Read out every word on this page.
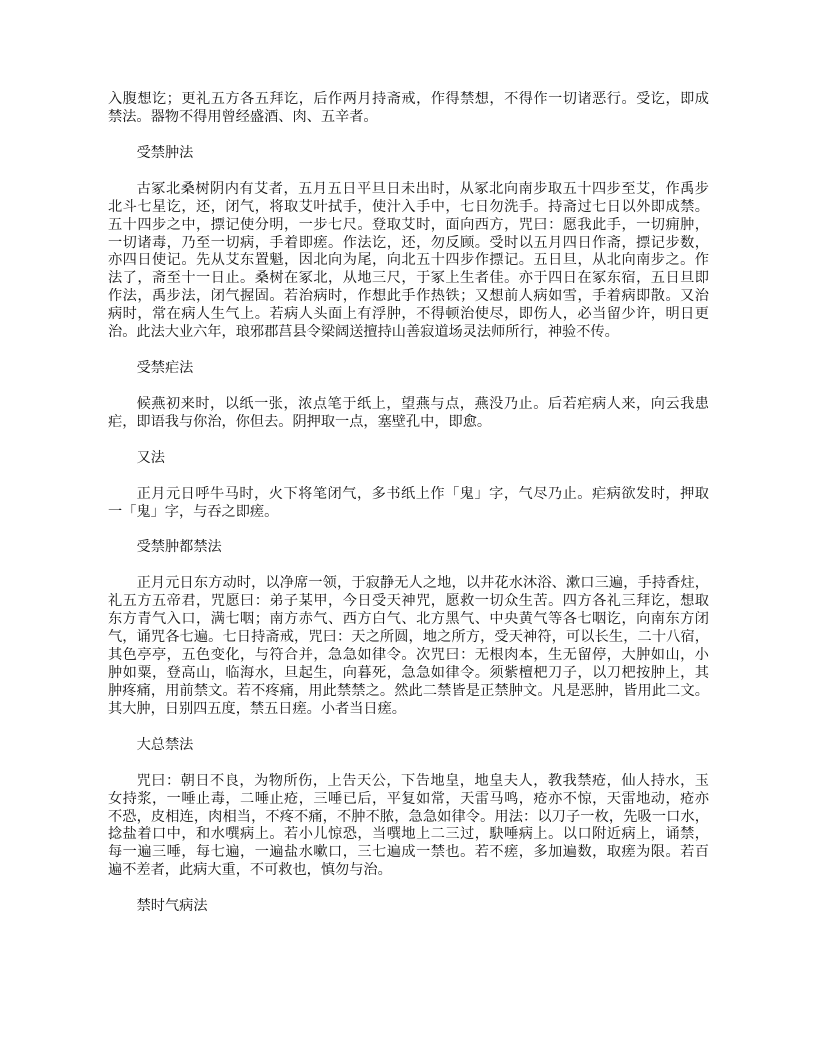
入腹想讫；更礼五方各五拜讫，后作两月持斋戒，作得禁想，不得作一切诸恶行。受讫，即成
禁法。器物不得用曾经盛酒、肉、五辛者。
受禁肿法
古冢北桑树阴内有艾者，五月五日平旦日未出时，从冢北向南步取五十四步至艾，作禹步
北斗七星讫，还，闭气，将取艾叶拭手，使汁入手中，七日勿洗手。持斋过七日以外即成禁。
五十四步之中，摽记使分明，一步七尺。登取艾时，面向西方，咒曰：愿我此手，一切痈肿，
一切诸毒，乃至一切病，手着即瘥。作法讫，还，勿反顾。受时以五月四日作斋，摽记步数，
亦四日使记。先从艾东置魁，因北向为尾，向北五十四步作摽记。五日旦，从北向南步之。作
法了，斋至十一日止。桑树在冢北，从地三尺，于冢上生者佳。亦于四日在冢东宿，五日旦即
作法，禹步法，闭气握固。若治病时，作想此手作热铁；又想前人病如雪，手着病即散。又治
病时，常在病人生气上。若病人头面上有浮肿，不得顿治使尽，即伤人，必当留少许，明日更
治。此法大业六年，琅邪郡莒县令梁阔送擅持山善寂道场灵法师所行，神验不传。
受禁疟法
候燕初来时，以纸一张，浓点笔于纸上，望燕与点，燕没乃止。后若疟病人来，向云我患
疟，即语我与你治，你但去。阴押取一点，塞壁孔中，即愈。
又法
正月元日呼牛马时，火下将笔闭气，多书纸上作「鬼」字，气尽乃止。疟病欲发时，押取
一「鬼」字，与吞之即瘥。
受禁肿都禁法
正月元日东方动时，以净席一领，于寂静无人之地，以井花水沐浴、漱口三遍，手持香炷，
礼五方五帝君，咒愿曰：弟子某甲，今日受天神咒，愿救一切众生苦。四方各礼三拜讫，想取
东方青气入口，满七咽；南方赤气、西方白气、北方黑气、中央黄气等各七咽讫，向南东方闭
气，诵咒各七遍。七日持斋戒，咒曰：天之所圆，地之所方，受天神符，可以长生，二十八宿，
其色亭亭，五色变化，与符合并，急急如律令。次咒曰：无根肉本，生无留停，大肿如山，小
肿如粟，登高山，临海水，旦起生，向暮死，急急如律令。须紫檀杷刀子，以刀杷按肿上，其
肿疼痛，用前禁文。若不疼痛，用此禁禁之。然此二禁皆是正禁肿文。凡是恶肿，皆用此二文。
其大肿，日别四五度，禁五日瘥。小者当日瘥。
大总禁法
咒曰：朝日不良，为物所伤，上告天公，下告地皇，地皇夫人，教我禁疮，仙人持水，玉
女持浆，一唾止毒，二唾止疮，三唾已后，平复如常，天雷马鸣，疮亦不惊，天雷地动，疮亦
不恐，皮相连，肉相当，不疼不痛，不肿不脓，急急如律令。用法：以刀子一枚，先吸一口水，
捻盐着口中，和水噀病上。若小儿惊恐，当噀地上二三过，駃唾病上。以口附近病上，诵禁，
每一遍三唾，每七遍，一遍盐水嗽口，三七遍成一禁也。若不瘥，多加遍数，取瘥为限。若百
遍不差者，此病大重，不可救也，慎勿与治。
禁时气病法
